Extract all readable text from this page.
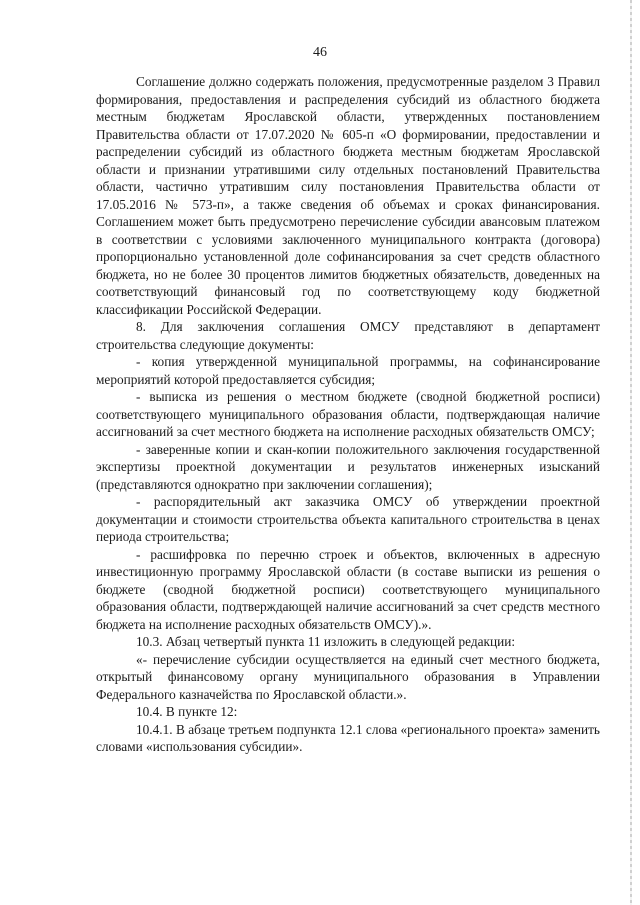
46

Соглашение должно содержать положения, предусмотренные разделом 3 Правил формирования, предоставления и распределения субсидий из областного бюджета местным бюджетам Ярославской области, утвержденных постановлением Правительства области от 17.07.2020 № 605-п «О формировании, предоставлении и распределении субсидий из областного бюджета местным бюджетам Ярославской области и признании утратившими силу отдельных постановлений Правительства области, частично утратившим силу постановления Правительства области от 17.05.2016 № 573-п», а также сведения об объемах и сроках финансирования. Соглашением может быть предусмотрено перечисление субсидии авансовым платежом в соответствии с условиями заключенного муниципального контракта (договора) пропорционально установленной доле софинансирования за счет средств областного бюджета, но не более 30 процентов лимитов бюджетных обязательств, доведенных на соответствующий финансовый год по соответствующему коду бюджетной классификации Российской Федерации.

8. Для заключения соглашения ОМСУ представляют в департамент строительства следующие документы:

- копия утвержденной муниципальной программы, на софинансирование мероприятий которой предоставляется субсидия;

- выписка из решения о местном бюджете (сводной бюджетной росписи) соответствующего муниципального образования области, подтверждающая наличие ассигнований за счет местного бюджета на исполнение расходных обязательств ОМСУ;

- заверенные копии и скан-копии положительного заключения государственной экспертизы проектной документации и результатов инженерных изысканий (представляются однократно при заключении соглашения);

- распорядительный акт заказчика ОМСУ об утверждении проектной документации и стоимости строительства объекта капитального строительства в ценах периода строительства;

- расшифровка по перечню строек и объектов, включенных в адресную инвестиционную программу Ярославской области (в составе выписки из решения о бюджете (сводной бюджетной росписи) соответствующего муниципального образования области, подтверждающей наличие ассигнований за счет средств местного бюджета на исполнение расходных обязательств ОМСУ).».

10.3. Абзац четвертый пункта 11 изложить в следующей редакции:

«- перечисление субсидии осуществляется на единый счет местного бюджета, открытый финансовому органу муниципального образования в Управлении Федерального казначейства по Ярославской области.».

10.4. В пункте 12:

10.4.1. В абзаце третьем подпункта 12.1 слова «регионального проекта» заменить словами «использования субсидии».
